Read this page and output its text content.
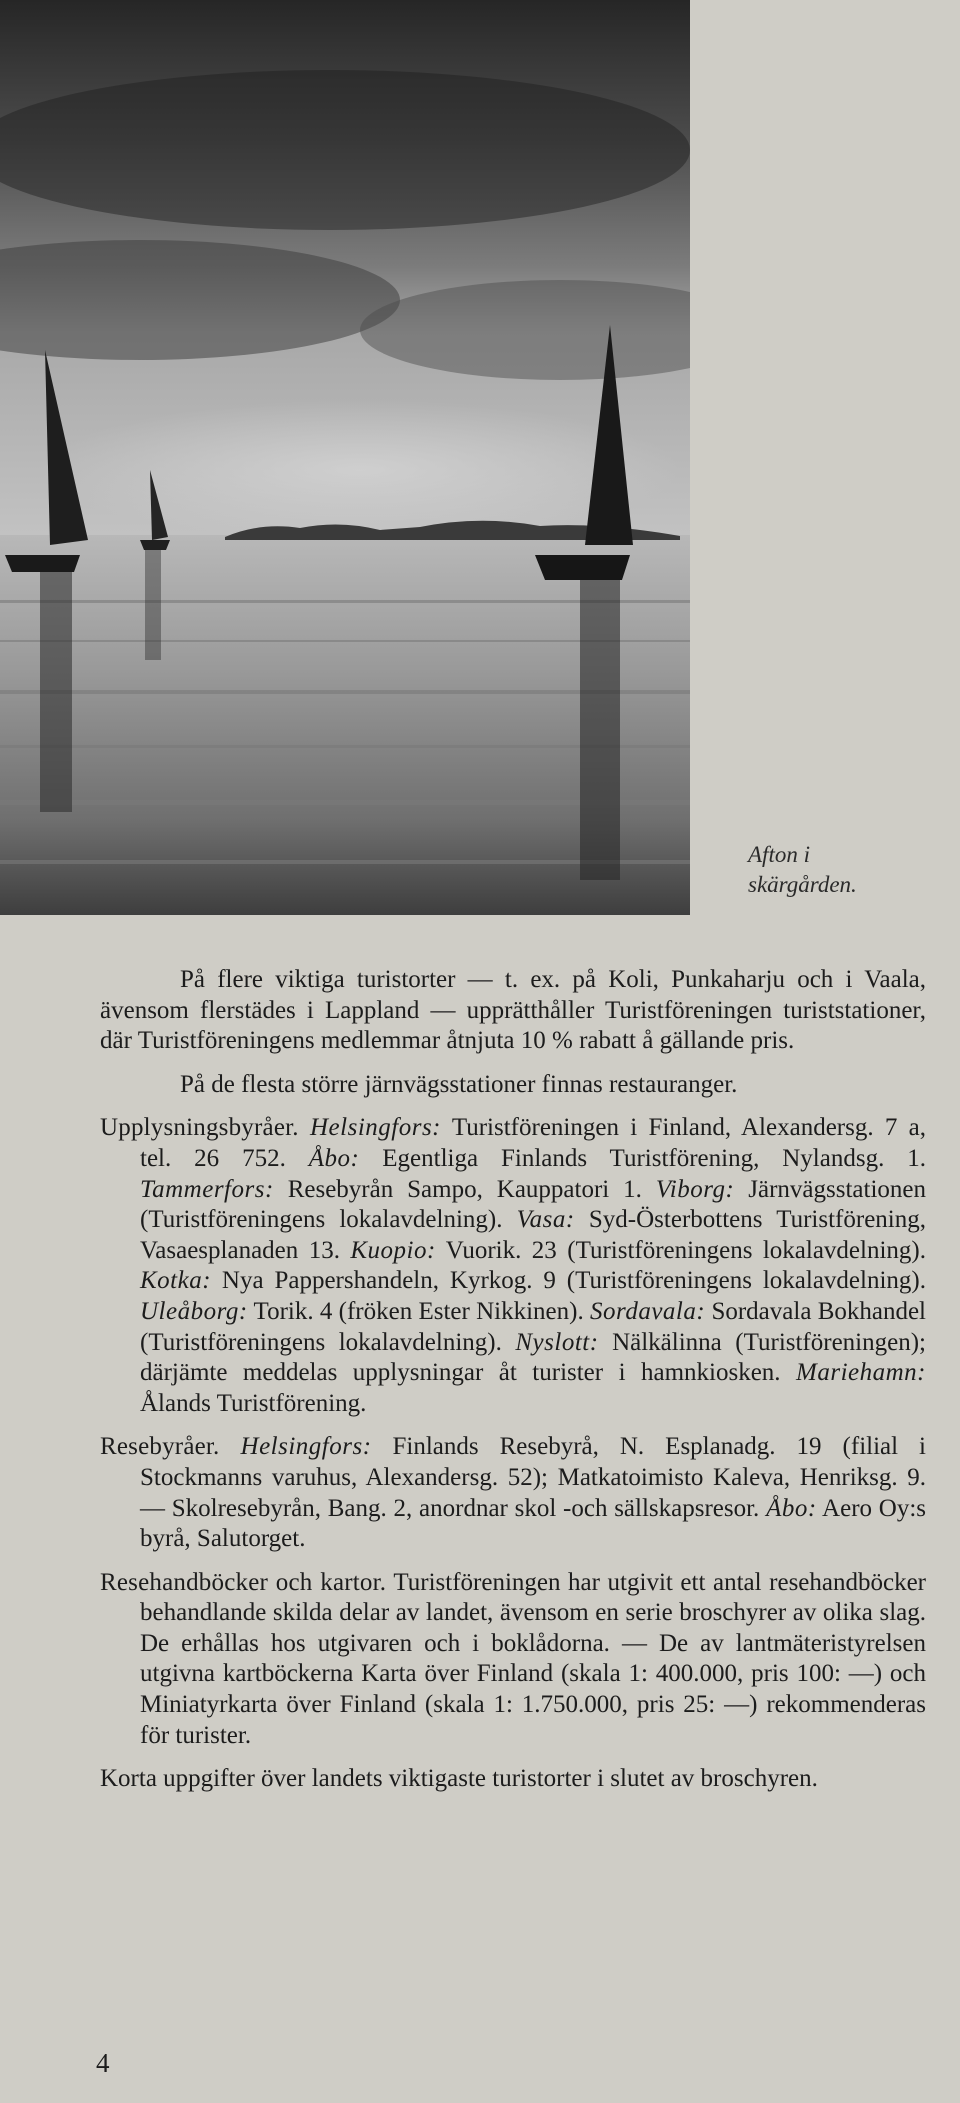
Afton i
skärgården.

På flere viktiga turistorter — t. ex. på Koli, Punkaharju och i Vaala, ävensom flerstädes i Lappland — upprätthåller Turistföreningen turiststationer, där Turistföreningens medlemmar åtnjuta 10 % rabatt å gällande pris.

På de flesta större järnvägsstationer finnas restauranger.

Upplysningsbyråer. Helsingfors: Turistföreningen i Finland, Alexandersg. 7 a, tel. 26 752. Åbo: Egentliga Finlands Turistförening, Nylandsg. 1. Tammerfors: Resebyrån Sampo, Kauppatori 1. Viborg: Järnvägsstationen (Turistföreningens lokalavdelning). Vasa: Syd-Österbottens Turistförening, Vasaesplanaden 13. Kuopio: Vuorik. 23 (Turistföreningens lokalavdelning). Kotka: Nya Pappershandeln, Kyrkog. 9 (Turistföreningens lokalavdelning). Uleåborg: Torik. 4 (fröken Ester Nikkinen). Sordavala: Sordavala Bokhandel (Turistföreningens lokalavdelning). Nyslott: Nälkälinna (Turistföreningen); därjämte meddelas upplysningar åt turister i hamnkiosken. Mariehamn: Ålands Turistförening.

Resebyråer. Helsingfors: Finlands Resebyrå, N. Esplanadg. 19 (filial i Stockmanns varuhus, Alexandersg. 52); Matkatoimisto Kaleva, Henriksg. 9. — Skolresebyrån, Bang. 2, anordnar skol -och sällskapsresor. Åbo: Aero Oy:s byrå, Salutorget.

Resehandböcker och kartor. Turistföreningen har utgivit ett antal resehandböcker behandlande skilda delar av landet, ävensom en serie broschyrer av olika slag. De erhållas hos utgivaren och i boklådorna. — De av lantmäteristyrelsen utgivna kartböckerna Karta över Finland (skala 1: 400.000, pris 100: —) och Miniatyrkarta över Finland (skala 1: 1.750.000, pris 25: —) rekommenderas för turister.

Korta uppgifter över landets viktigaste turistorter i slutet av broschyren.

4
